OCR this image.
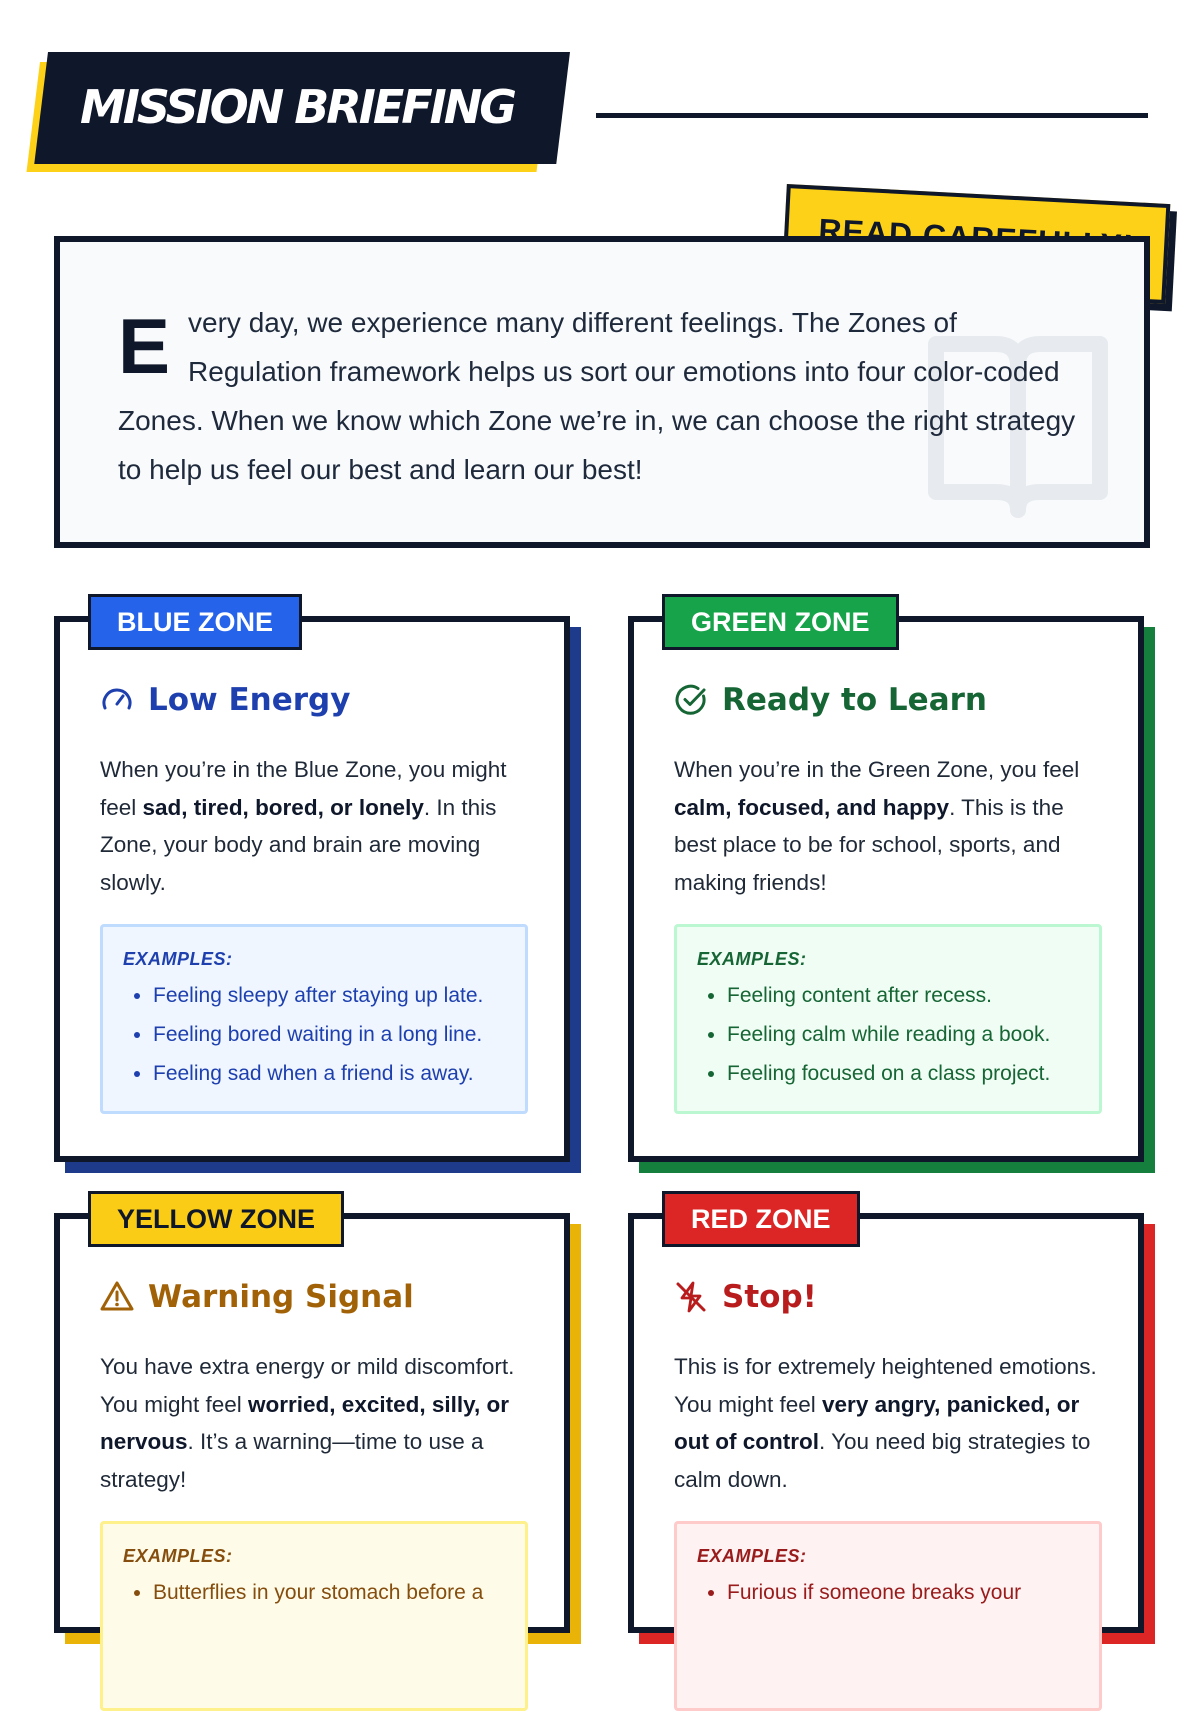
MISSION BRIEFING

Every day, we experience many different feelings. The Zones of Regulation framework helps us sort our emotions into four color-coded Zones. When we know which Zone we’re in, we can choose the right strategy to help us feel our best and learn our best!

BLUE ZONE
Low Energy

When you’re in the Blue Zone, you might feel sad, tired, bored, or lonely. In this Zone, your body and brain are moving slowly.

EXAMPLES:
• Feeling sleepy after staying up late.
• Feeling bored waiting in a long line.
• Feeling sad when a friend is away.
GREEN ZONE
Ready to Learn

When you’re in the Green Zone, you feel calm, focused, and happy. This is the best place to be for school, sports, and making friends!

EXAMPLES:
• Feeling content after recess.
• Feeling calm while reading a book.
• Feeling focused on a class project.
YELLOW ZONE
Warning Signal

You have extra energy or mild discomfort. You might feel worried, excited, silly, or nervous. It’s a warning—time to use a strategy!

EXAMPLES:
• Butterflies in your stomach before a
RED ZONE
Stop!

This is for extremely heightened emotions. You might feel very angry, panicked, or out of control. You need big strategies to calm down.

EXAMPLES:
• Furious if someone breaks your
